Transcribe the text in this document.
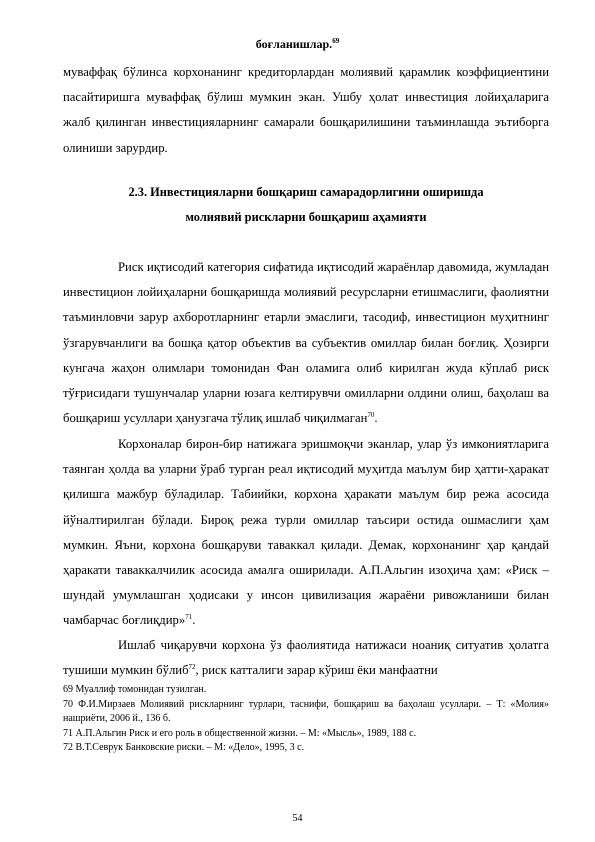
боғланишлар.$^{69}$

муваффақ бўлинса корхонанинг кредиторлардан молиявий қарамлик коэффициентини пасайтиришга муваффақ бўлиш мумкин экан. Ушбу ҳолат инвестиция лойиҳаларига жалб қилинган инвестицияларнинг самарали бошқарилишини таъминлашда эътиборга олиниши зарурдир.

2.3. Инвестицияларни бошқариш самарадорлигини оширишда

молиявий рискларни бошқариш аҳамияти

Риск иқтисодий категория сифатида иқтисодий жараёнлар давомида, жумладан инвестицион лойиҳаларни бошқаришда молиявий ресурсларни етишмаслиги, фаолиятни таъминловчи зарур ахборотларнинг етарли эмаслиги, тасодиф, инвестицион муҳитнинг ўзгарувчанлиги ва бошқа қатор объектив ва субъектив омиллар билан боғлиқ. Ҳозирги кунгача жаҳон олимлари томонидан Фан оламига олиб кирилган жуда кўплаб риск тўғрисидаги тушунчалар уларни юзага келтирувчи омилларни олдини олиш, баҳолаш ва бошқариш усуллари ҳанузгача тўлиқ ишлаб чиқилмаган$^{70}$.

Корхоналар бирон-бир натижага эришмоқчи эканлар, улар ўз имкониятларига таянган ҳолда ва уларни ўраб турган реал иқтисодий муҳитда маълум бир ҳатти-ҳаракат қилишга мажбур бўладилар. Табиийки, корхона ҳаракати маълум бир режа асосида йўналтирилган бўлади. Бироқ режа турли омиллар таъсири остида ошмаслиги ҳам мумкин. Яъни, корхона бошқаруви таваккал қилади. Демак, корхонанинг ҳар қандай ҳаракати таваккалчилик асосида амалга оширилади. А.П.Альгин изоҳича ҳам: «Риск – шундай умумлашган ҳодисаки у инсон цивилизация жараёни ривожланиши билан чамбарчас боғлиқдир»$^{71}$.

Ишлаб чиқарувчи корхона ўз фаолиятида натижаси ноаниқ ситуатив ҳолатга тушиши мумкин бўлиб$^{72}$, риск катталиги зарар кўриш ёки манфаатни

69 Муаллиф томонидан тузилган.

70 Ф.И.Мирзаев Молиявий рискларнинг турлари, таснифи, бошқариш ва баҳолаш усуллари. – Т: «Молия» нашриёти, 2006 й., 136 б.

71 А.П.Альгин Риск и его роль в общественной жизни. – М: «Мысль», 1989, 188 с.

72 В.Т.Севрук Банковские риски. – М: «Дело», 1995, 3 с.

54
